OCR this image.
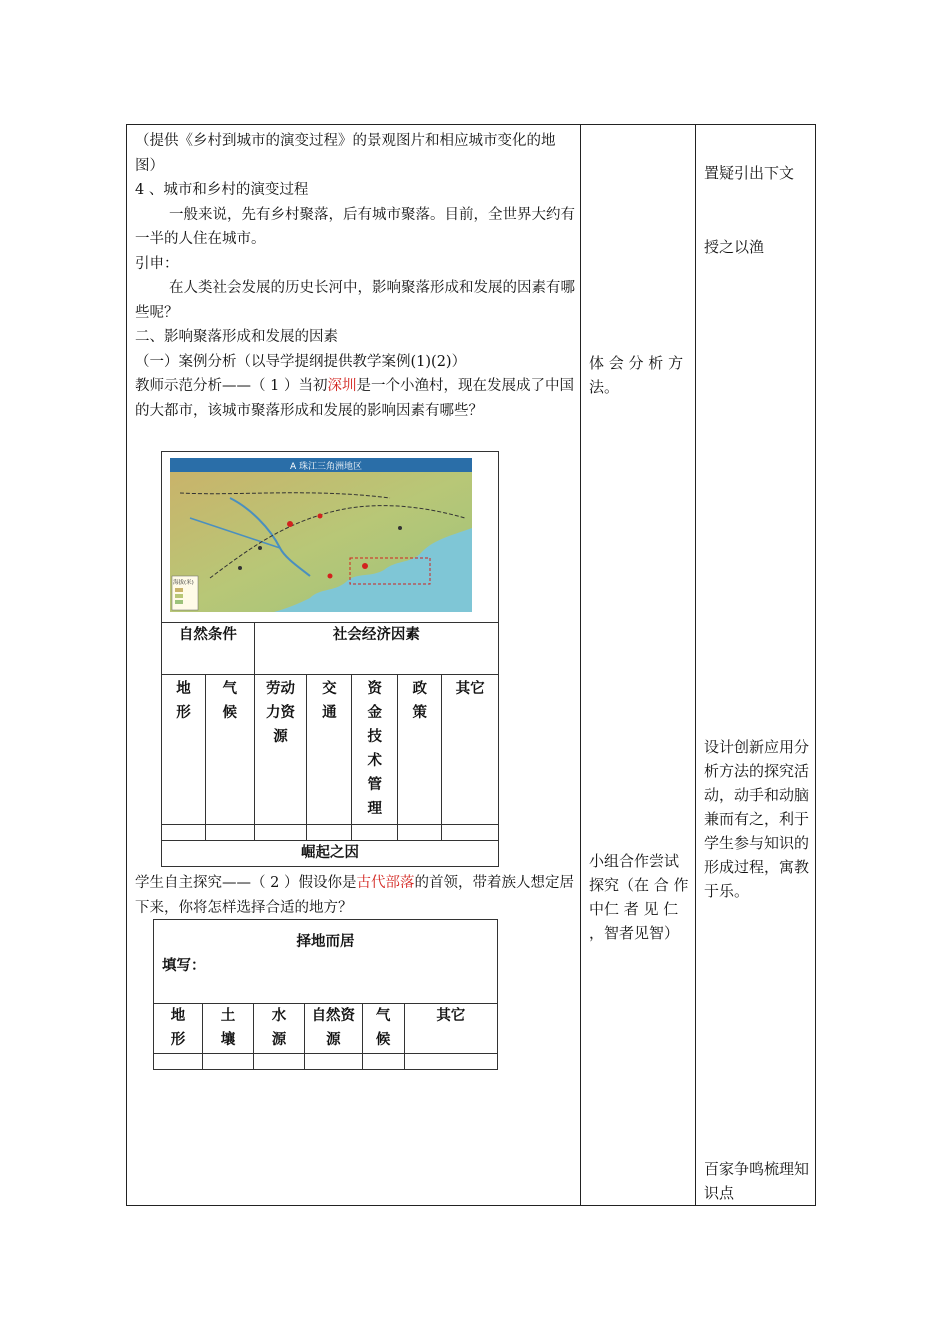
（提供《乡村到城市的演变过程》的景观图片和相应城市变化的地图）

4 、城市和乡村的演变过程

一般来说，先有乡村聚落，后有城市聚落。目前，全世界大约有一半的人住在城市。

引申：

在人类社会发展的历史长河中，影响聚落形成和发展的因素有哪些呢？

二、影响聚落形成和发展的因素

（一）案例分析（以导学提纲提供教学案例(1)(2)）

教师示范分析——（ 1 ）当初深圳是一个小渔村，现在发展成了中国的大都市，该城市聚落形成和发展的影响因素有哪些？

A 珠江三角洲地区
海拔(米)
自然条件		社会经济因素				
地形	气候	劳动力资源	交通	资金技术管理	政策	其它

崛起之因						

学生自主探究——（ 2 ）假设你是古代部落的首领，带着族人想定居下来，你将怎样选择合适的地方？

择地而居
填写：					

地形	土壤	水源	自然资源	气候	其它

体 会 分 析 方法。
小组合作尝试探究（在 合 作 中仁 者 见 仁 ，智者见智）
置疑引出下文
授之以渔
设计创新应用分析方法的探究活动，动手和动脑兼而有之，利于学生参与知识的形成过程，寓教于乐。
百家争鸣梳理知识点
